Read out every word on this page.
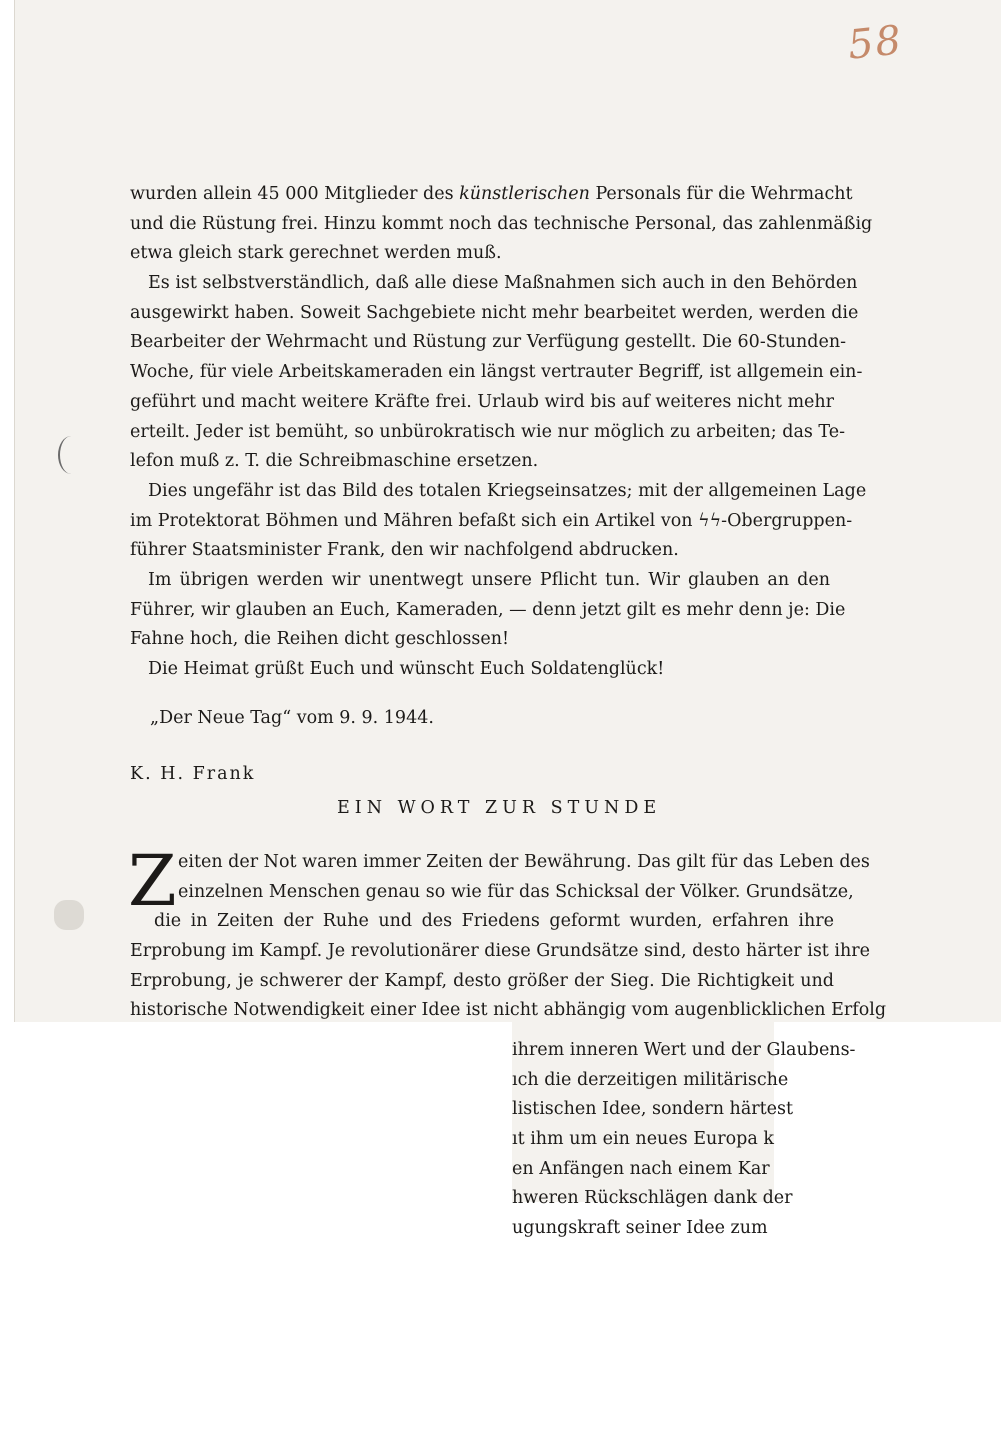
58
wurden allein 45 000 Mitglieder des künstlerischen Personals für die Wehrmacht
und die Rüstung frei. Hinzu kommt noch das technische Personal, das zahlenmäßig
etwa gleich stark gerechnet werden muß.
Es ist selbstverständlich, daß alle diese Maßnahmen sich auch in den Behörden
ausgewirkt haben. Soweit Sachgebiete nicht mehr bearbeitet werden, werden die
Bearbeiter der Wehrmacht und Rüstung zur Verfügung gestellt. Die 60-Stunden-
Woche, für viele Arbeitskameraden ein längst vertrauter Begriff, ist allgemein ein-
geführt und macht weitere Kräfte frei. Urlaub wird bis auf weiteres nicht mehr
erteilt. Jeder ist bemüht, so unbürokratisch wie nur möglich zu arbeiten; das Te-
lefon muß z. T. die Schreibmaschine ersetzen.
Dies ungefähr ist das Bild des totalen Kriegseinsatzes; mit der allgemeinen Lage
im Protektorat Böhmen und Mähren befaßt sich ein Artikel von ϟϟ-Obergruppen-
führer Staatsminister Frank, den wir nachfolgend abdrucken.
Im übrigen werden wir unentwegt unsere Pflicht tun. Wir glauben an den
Führer, wir glauben an Euch, Kameraden, — denn jetzt gilt es mehr denn je: Die
Fahne hoch, die Reihen dicht geschlossen!
Die Heimat grüßt Euch und wünscht Euch Soldatenglück!
„Der Neue Tag“ vom 9. 9. 1944.
K. H. Frank
EIN WORT ZUR STUNDE
Z eiten der Not waren immer Zeiten der Bewährung. Das gilt für das Leben des
einzelnen Menschen genau so wie für das Schicksal der Völker. Grundsätze,
die in Zeiten der Ruhe und des Friedens geformt wurden, erfahren ihre
Erprobung im Kampf. Je revolutionärer diese Grundsätze sind, desto härter ist ihre
Erprobung, je schwerer der Kampf, desto größer der Sieg. Die Richtigkeit und
historische Notwendigkeit einer Idee ist nicht abhängig vom augenblicklichen Erfolg
ihrem inneren Wert und der Glaubens-
ıch die derzeitigen militärische
listischen Idee, sondern härtest
ıt ihm um ein neues Europa k
en Anfängen nach einem Kar
hweren Rückschlägen dank der
ugungskraft seiner Idee zum
